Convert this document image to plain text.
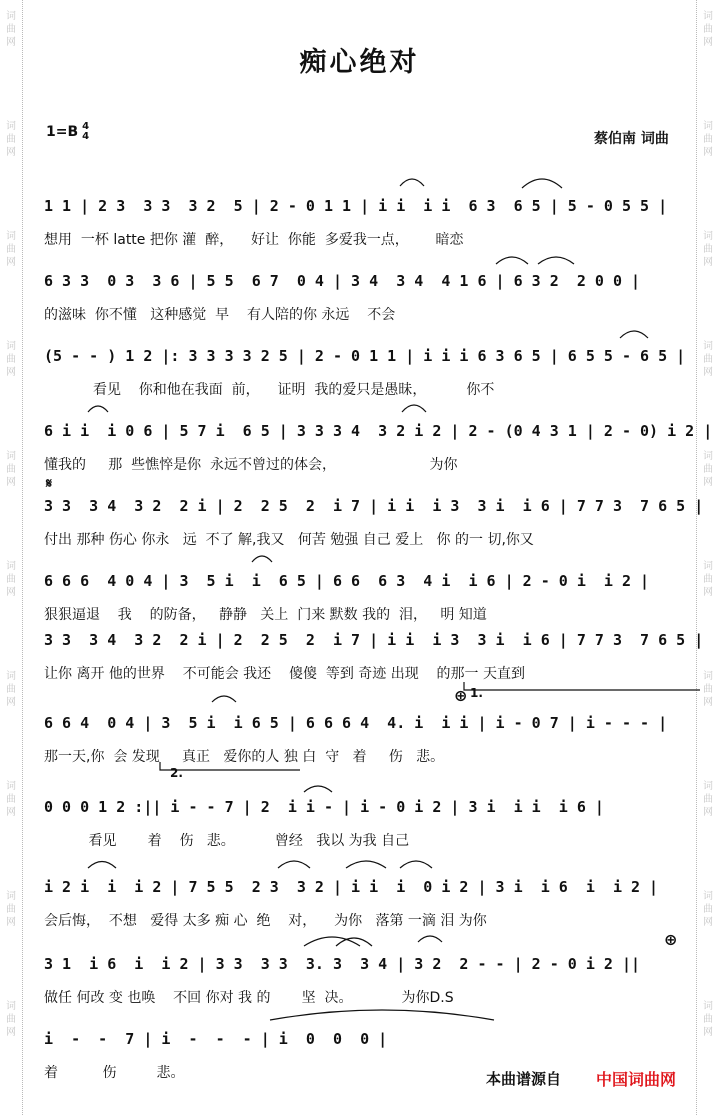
词
曲
网
词
曲
网
词
曲
网
词
曲
网
词
曲
网
词
曲
网
词
曲
网
词
曲
网
词
曲
网
词
曲
网
词
曲
网
词
曲
网
词
曲
网
词
曲
网
词
曲
网
词
曲
网
词
曲
网
词
曲
网
词
曲
网
词
曲
网
痴心绝对
1=B 4
4	蔡伯南 词曲
1 1 | 2 3  3 3  3 2  5 | 2 - 0 1 1 | i i  i i  6 3  6 5 | 5 - 0 5 5 |
想用  一杯 latte 把你 灌  醉，    好让  你能  多爱我一点，      暗恋
6 3 3  0 3  3 6 | 5 5  6 7  0 4 | 3 4  3 4  4 1 6 | 6 3 2  2 0 0 |
的滋味  你不懂   这种感觉  早    有人陪的你 永远    不会
(5 - - ) 1 2 |: 3 3 3 3 2 5 | 2 - 0 1 1 | i i i 6 3 6 5 | 6 5 5 - 6 5 |
看见    你和他在我面  前，    证明  我的爱只是愚昧，         你不
6 i i  i 0 6 | 5 7 i  6 5 | 3 3 3 4  3 2 i 2 | 2 - (0 4 3 1 | 2 - 0) i 2 |
懂我的     那  些憔悴是你  永远不曾过的体会，                     为你
𝄋
3 3  3 4  3 2  2 i | 2  2 5  2  i 7 | i i  i 3  3 i  i 6 | 7 7 3  7 6 5 |
付出 那种 伤心 你永   远  不了 解,我又   何苦 勉强 自己 爱上   你 的一 切,你又
6 6 6  4 0 4 | 3  5 i  i  6 5 | 6 6  6 3  4 i  i 6 | 2 - 0 i  i 2 |
狠狠逼退    我    的防备，   静静   关上  门来 默数 我的  泪，   明 知道
3 3  3 4  3 2  2 i | 2  2 5  2  i 7 | i i  i 3  3 i  i 6 | 7 7 3  7 6 5 |
让你 离开 他的世界    不可能会 我还    傻傻  等到 奇迹 出现    的那一 天直到
⊕ 1.
6 6 4  0 4 | 3  5 i  i 6 5 | 6 6 6 4  4. i  i i | i - 0 7 | i - - - |
那一天,你  会 发现     真正   爱你的人 独 白  守   着     伤   悲。
2.
0 0 0 1 2 :|| i - - 7 | 2  i i - | i - 0 i 2 | 3 i  i i  i 6 |
看见       着    伤   悲。         曾经   我以 为我 自己
i 2 i  i  i 2 | 7 5 5  2 3  3 2 | i i  i  0 i 2 | 3 i  i 6  i  i 2 |
会后悔，  不想   爱得 太多 痴 心  绝    对，    为你   落第 一滴 泪 为你
⊕
3 1  i 6  i  i 2 | 3 3  3 3  3. 3  3 4 | 3 2  2 - - | 2 - 0 i 2 ||
做任 何改 变 也唤    不回 你对 我 的       坚  决。           为你D.S
i  -  -  7 | i  -  -  - | i  0  0  0 |
着          伤         悲。	本曲谱源自 中国词曲网
